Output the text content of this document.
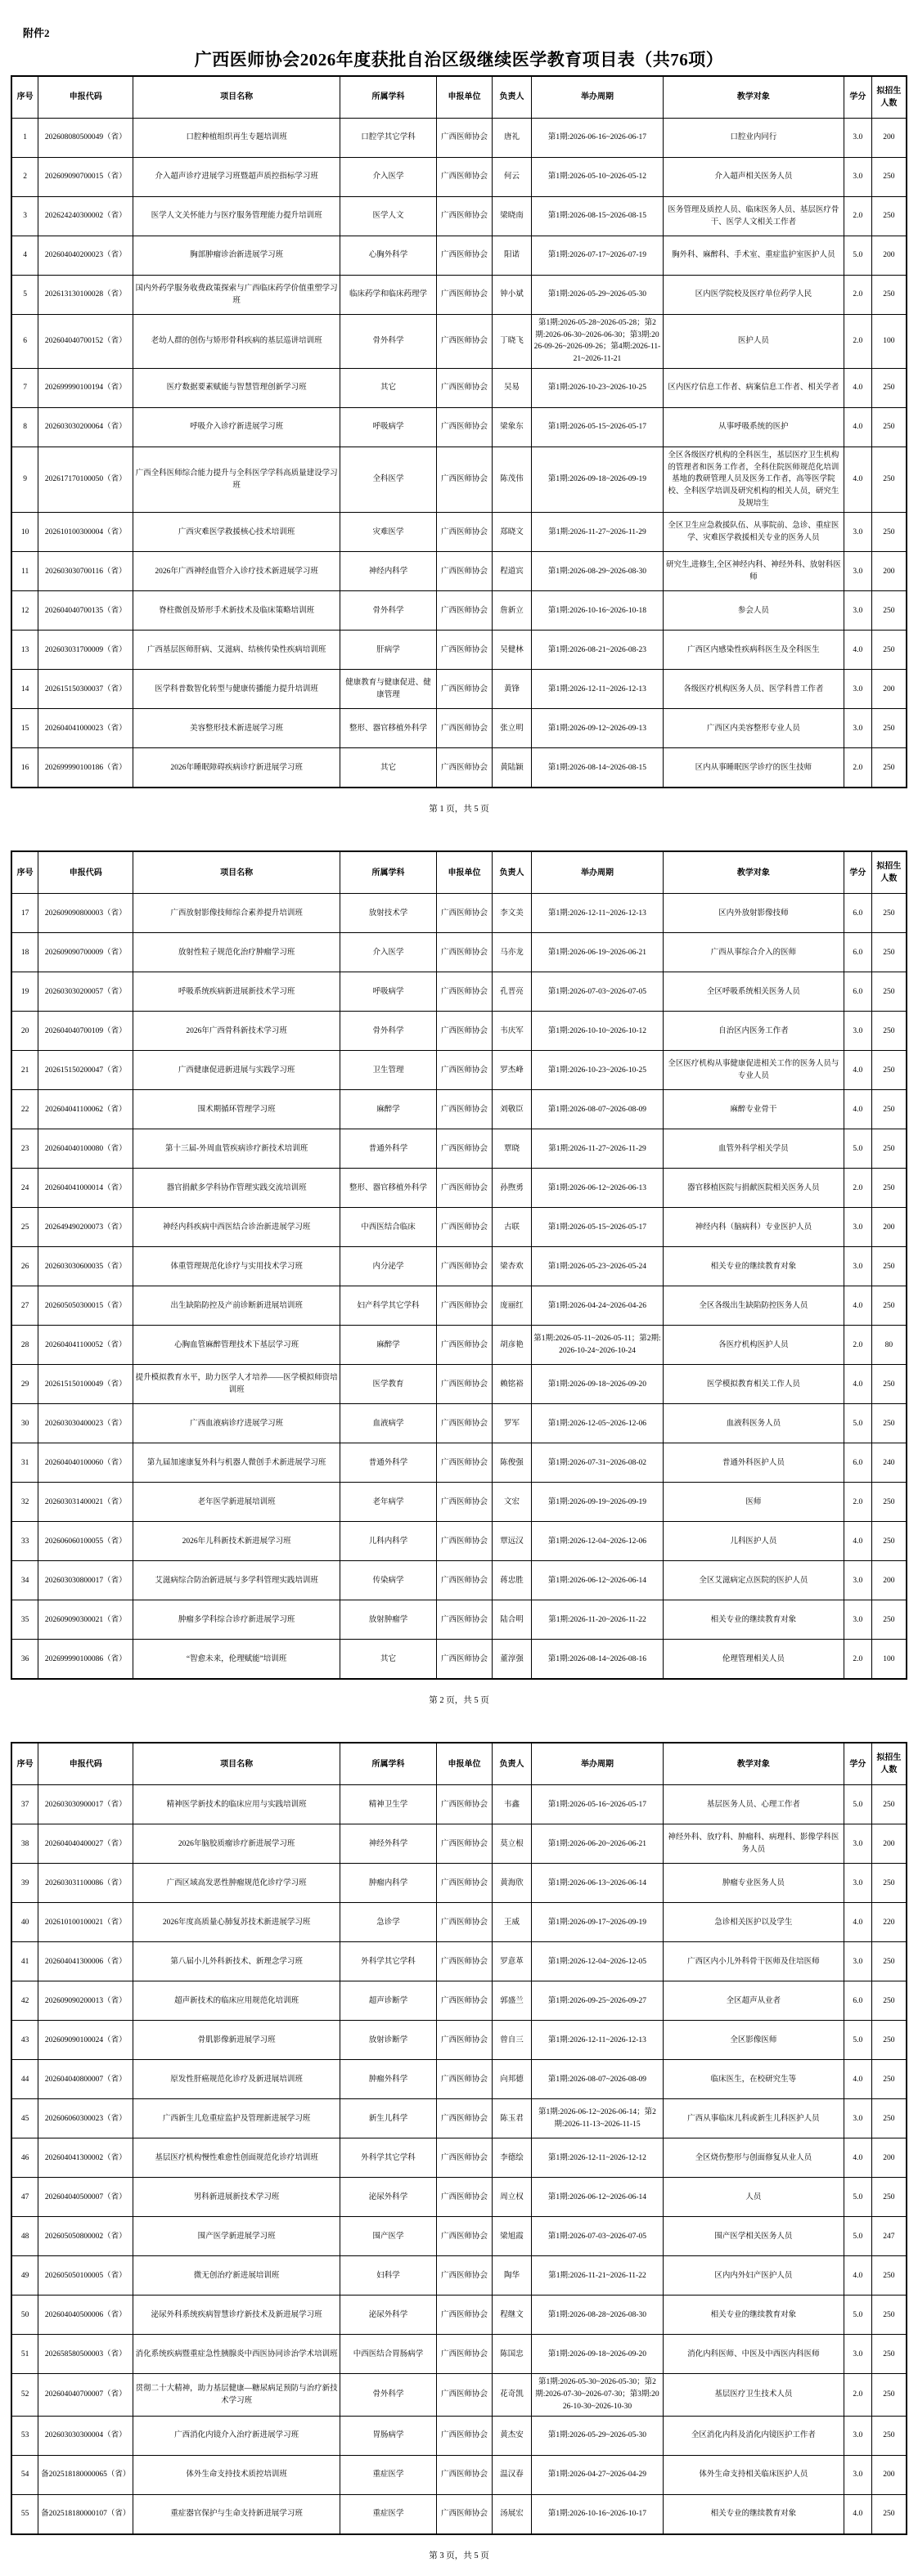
附件2
广西医师协会2026年度获批自治区级继续医学教育项目表（共76项）
序号	申报代码	项目名称	所属学科	申报单位	负责人	举办周期	教学对象	学分	拟招生人数
1	202608080500049（省）	口腔种植组织再生专题培训班	口腔学其它学科	广西医师协会	唐礼	第1期:2026-06-16~2026-06-17	口腔业内同行	3.0	200
2	202609090700015（省）	介入超声诊疗进展学习班暨超声质控指标学习班	介入医学	广西医师协会	何云	第1期:2026-05-10~2026-05-12	介入超声相关医务人员	3.0	250
3	202624240300002（省）	医学人文关怀能力与医疗服务管理能力提升培训班	医学人文	广西医师协会	梁晓南	第1期:2026-08-15~2026-08-15	医务管理及质控人员、临床医务人员、基层医疗骨干、医学人文相关工作者	2.0	250
4	202604040200023（省）	胸部肿瘤诊治新进展学习班	心胸外科学	广西医师协会	阳诺	第1期:2026-07-17~2026-07-19	胸外科、麻醉科、手术室、重症监护室医护人员	5.0	200
5	202613130100028（省）	国内外药学服务收费政策探索与广西临床药学价值重塑学习班	临床药学和临床药理学	广西医师协会	钟小斌	第1期:2026-05-29~2026-05-30	区内医学院校及医疗单位药学人民	2.0	250
6	202604040700152（省）	老幼人群的创伤与矫形骨科疾病的基层巡讲培训班	骨外科学	广西医师协会	丁晓飞	第1期:2026-05-28~2026-05-28；第2期:2026-06-30~2026-06-30；第3期:2026-09-26~2026-09-26；第4期:2026-11-21~2026-11-21	医护人员	2.0	100
7	202699990100194（省）	医疗数据要素赋能与智慧管理创新学习班	其它	广西医师协会	吴易	第1期:2026-10-23~2026-10-25	区内医疗信息工作者、病案信息工作者、相关学者	4.0	250
8	202603030200064（省）	呼吸介入诊疗新进展学习班	呼吸病学	广西医师协会	梁象东	第1期:2026-05-15~2026-05-17	从事呼吸系统的医护	4.0	250
9	202617170100050（省）	广西全科医师综合能力提升与全科医学学科高质量建设学习班	全科医学	广西医师协会	陈茂伟	第1期:2026-09-18~2026-09-19	全区各级医疗机构的全科医生，基层医疗卫生机构的管理者和医务工作者，全科住院医师规范化培训基地的教研管理人员及医务工作者，高等医学院校、全科医学培训及研究机构的相关人员，研究生及规培生	4.0	250
10	202610100300004（省）	广西灾难医学救援核心技术培训班	灾难医学	广西医师协会	郑晓文	第1期:2026-11-27~2026-11-29	全区卫生应急救援队伍、从事院前、急诊、重症医学、灾难医学救援相关专业的医务人员	3.0	250
11	202603030700116（省）	2026年广西神经血管介入诊疗技术新进展学习班	神经内科学	广西医师协会	程道宾	第1期:2026-08-29~2026-08-30	研究生,进修生,全区神经内科、神经外科、放射科医师	3.0	200
12	202604040700135（省）	脊柱微创及矫形手术新技术及临床策略培训班	骨外科学	广西医师协会	詹新立	第1期:2026-10-16~2026-10-18	参会人员	3.0	250
13	202603031700009（省）	广西基层医师肝病、艾滋病、结核传染性疾病培训班	肝病学	广西医师协会	吴健林	第1期:2026-08-21~2026-08-23	广西区内感染性疾病科医生及全科医生	4.0	250
14	202615150300037（省）	医学科普数智化转型与健康传播能力提升培训班	健康教育与健康促进、健康管理	广西医师协会	黄锋	第1期:2026-12-11~2026-12-13	各级医疗机构医务人员、医学科普工作者	3.0	200
15	202604041000023（省）	美容整形技术新进展学习班	整形、器官移植外科学	广西医师协会	张立明	第1期:2026-09-12~2026-09-13	广西区内美容整形专业人员	3.0	250
16	202699990100186（省）	2026年睡眠障碍疾病诊疗新进展学习班	其它	广西医师协会	黄陆颖	第1期:2026-08-14~2026-08-15	区内从事睡眠医学诊疗的医生技师	2.0	250
第 1 页，共 5 页
序号	申报代码	项目名称	所属学科	申报单位	负责人	举办周期	教学对象	学分	拟招生人数
17	202609090800003（省）	广西放射影像技师综合素养提升培训班	放射技术学	广西医师协会	李文美	第1期:2026-12-11~2026-12-13	区内外放射影像技师	6.0	250
18	202609090700009（省）	放射性粒子规范化治疗肿瘤学习班	介入医学	广西医师协会	马亦龙	第1期:2026-06-19~2026-06-21	广西从事综合介入的医师	6.0	250
19	202603030200057（省）	呼吸系统疾病新进展新技术学习班	呼吸病学	广西医师协会	孔晋亮	第1期:2026-07-03~2026-07-05	全区呼吸系统相关医务人员	6.0	250
20	202604040700109（省）	2026年广西骨科新技术学习班	骨外科学	广西医师协会	韦庆军	第1期:2026-10-10~2026-10-12	自治区内医务工作者	3.0	250
21	202615150200047（省）	广西健康促进新进展与实践学习班	卫生管理	广西医师协会	罗杰峰	第1期:2026-10-23~2026-10-25	全区医疗机构从事健康促进相关工作的医务人员与专业人员	4.0	250
22	202604041100062（省）	围术期循环管理学习班	麻醉学	广西医师协会	刘敬臣	第1期:2026-08-07~2026-08-09	麻醉专业骨干	4.0	250
23	202604040100080（省）	第十三届-外周血管疾病诊疗新技术培训班	普通外科学	广西医师协会	覃晓	第1期:2026-11-27~2026-11-29	血管外科学相关学员	5.0	250
24	202604041000014（省）	器官捐献多学科协作管理实践交流培训班	整形、器官移植外科学	广西医师协会	孙煦勇	第1期:2026-06-12~2026-06-13	器官移植医院与捐献医院相关医务人员	2.0	250
25	202649490200073（省）	神经内科疾病中西医结合诊治新进展学习班	中西医结合临床	广西医师协会	古联	第1期:2026-05-15~2026-05-17	神经内科（脑病科）专业医护人员	3.0	200
26	202603030600035（省）	体重管理规范化诊疗与实用技术学习班	内分泌学	广西医师协会	梁杏欢	第1期:2026-05-23~2026-05-24	相关专业的继续教育对象	3.0	250
27	202605050300015（省）	出生缺陷防控及产前诊断新进展培训班	妇产科学其它学科	广西医师协会	庞丽红	第1期:2026-04-24~2026-04-26	全区各级出生缺陷防控医务人员	4.0	250
28	202604041100052（省）	心胸血管麻醉管理技术下基层学习班	麻醉学	广西医师协会	胡彦艳	第1期:2026-05-11~2026-05-11；第2期:2026-10-24~2026-10-24	各医疗机构医护人员	2.0	80
29	202615150100049（省）	提升模拟教育水平，助力医学人才培养——医学模拟师资培训班	医学教育	广西医师协会	赖铭裕	第1期:2026-09-18~2026-09-20	医学模拟教育相关工作人员	4.0	250
30	202603030400023（省）	广西血液病诊疗进展学习班	血液病学	广西医师协会	罗军	第1期:2026-12-05~2026-12-06	血液科医务人员	5.0	250
31	202604040100060（省）	第九届加速康复外科与机器人微创手术新进展学习班	普通外科学	广西医师协会	陈俊强	第1期:2026-07-31~2026-08-02	普通外科医护人员	6.0	240
32	202603031400021（省）	老年医学新进展培训班	老年病学	广西医师协会	文宏	第1期:2026-09-19~2026-09-19	医师	2.0	250
33	202606060100055（省）	2026年儿科新技术新进展学习班	儿科内科学	广西医师协会	覃远汉	第1期:2026-12-04~2026-12-06	儿科医护人员	4.0	250
34	202603030800017（省）	艾滋病综合防治新进展与多学科管理实践培训班	传染病学	广西医师协会	蒋忠胜	第1期:2026-06-12~2026-06-14	全区艾滋病定点医院的医护人员	3.0	200
35	202609090300021（省）	肿瘤多学科综合诊疗新进展学习班	放射肿瘤学	广西医师协会	陆合明	第1期:2026-11-20~2026-11-22	相关专业的继续教育对象	3.0	250
36	202699990100086（省）	“智愈未来，伦理赋能”培训班	其它	广西医师协会	董淳强	第1期:2026-08-14~2026-08-16	伦理管理相关人员	2.0	100
第 2 页，共 5 页
序号	申报代码	项目名称	所属学科	申报单位	负责人	举办周期	教学对象	学分	拟招生人数
37	202603030900017（省）	精神医学新技术的临床应用与实践培训班	精神卫生学	广西医师协会	韦鑫	第1期:2026-05-16~2026-05-17	基层医务人员、心理工作者	5.0	250
38	202604040400027（省）	2026年脑胶质瘤诊疗新进展学习班	神经外科学	广西医师协会	莫立根	第1期:2026-06-20~2026-06-21	神经外科、放疗科、肿瘤科、病理科、影像学科医务人员	3.0	200
39	202603031100086（省）	广西区域高发恶性肿瘤规范化诊疗学习班	肿瘤内科学	广西医师协会	黄海欣	第1期:2026-06-13~2026-06-14	肿瘤专业医务人员	3.0	250
40	202610100100021（省）	2026年度高质量心肺复苏技术新进展学习班	急诊学	广西医师协会	王威	第1期:2026-09-17~2026-09-19	急诊相关医护以及学生	4.0	220
41	202604041300006（省）	第八届小儿外科新技术、新理念学习班	外科学其它学科	广西医师协会	罗意革	第1期:2026-12-04~2026-12-05	广西区内小儿外科骨干医师及住培医师	3.0	250
42	202609090200013（省）	超声新技术的临床应用规范化培训班	超声诊断学	广西医师协会	郭盛兰	第1期:2026-09-25~2026-09-27	全区超声从业者	6.0	250
43	202609090100024（省）	骨肌影像新进展学习班	放射诊断学	广西医师协会	曾自三	第1期:2026-12-11~2026-12-13	全区影像医师	5.0	250
44	202604040800007（省）	原发性肝癌规范化诊疗及新进展培训班	肿瘤外科学	广西医师协会	向邦德	第1期:2026-08-07~2026-08-09	临床医生，在校研究生等	4.0	250
45	202606060300023（省）	广西新生儿危重症监护及管理新进展学习班	新生儿科学	广西医师协会	陈玉君	第1期:2026-06-12~2026-06-14；第2期:2026-11-13~2026-11-15	广西从事临床儿科或新生儿科医护人员	3.0	250
46	202604041300002（省）	基层医疗机构慢性难愈性创面规范化诊疗培训班	外科学其它学科	广西医师协会	李德绘	第1期:2026-12-11~2026-12-12	全区烧伤整形与创面修复从业人员	4.0	200
47	202604040500007（省）	男科新进展新技术学习班	泌尿外科学	广西医师协会	周立权	第1期:2026-06-12~2026-06-14	人员	5.0	250
48	202605050800002（省）	围产医学新进展学习班	围产医学	广西医师协会	梁旭霞	第1期:2026-07-03~2026-07-05	围产医学相关医务人员	5.0	247
49	202605050100005（省）	微无创治疗新进展培训班	妇科学	广西医师协会	陶华	第1期:2026-11-21~2026-11-22	区内内外妇产医护人员	4.0	250
50	202604040500006（省）	泌尿外科系统疾病智慧诊疗新技术及新进展学习班	泌尿外科学	广西医师协会	程继文	第1期:2026-08-28~2026-08-30	相关专业的继续教育对象	5.0	250
51	202658580500003（省）	消化系统疾病暨重症急性胰腺炎中西医协同诊治学术培训班	中西医结合胃肠病学	广西医师协会	陈国忠	第1期:2026-09-18~2026-09-20	消化内科医师、中医及中西医内科医师	3.0	250
52	202604040700007（省）	贯彻二十大精神，助力基层健康—糖尿病足预防与治疗新技术学习班	骨外科学	广西医师协会	花奇凯	第1期:2026-05-30~2026-05-30；第2期:2026-07-30~2026-07-30；第3期:2026-10-30~2026-10-30	基层医疗卫生技术人员	2.0	250
53	202603030300004（省）	广西消化内镜介入治疗新进展学习班	胃肠病学	广西医师协会	黄杰安	第1期:2026-05-29~2026-05-30	全区消化内科及消化内镜医护工作者	3.0	250
54	备202518180000065（省）	体外生命支持技术质控培训班	重症医学	广西医师协会	温汉春	第1期:2026-04-27~2026-04-29	体外生命支持相关临床医护人员	3.0	200
55	备202518180000107（省）	重症器官保护与生命支持新进展学习班	重症医学	广西医师协会	汤展宏	第1期:2026-10-16~2026-10-17	相关专业的继续教育对象	4.0	250
第 3 页，共 5 页
